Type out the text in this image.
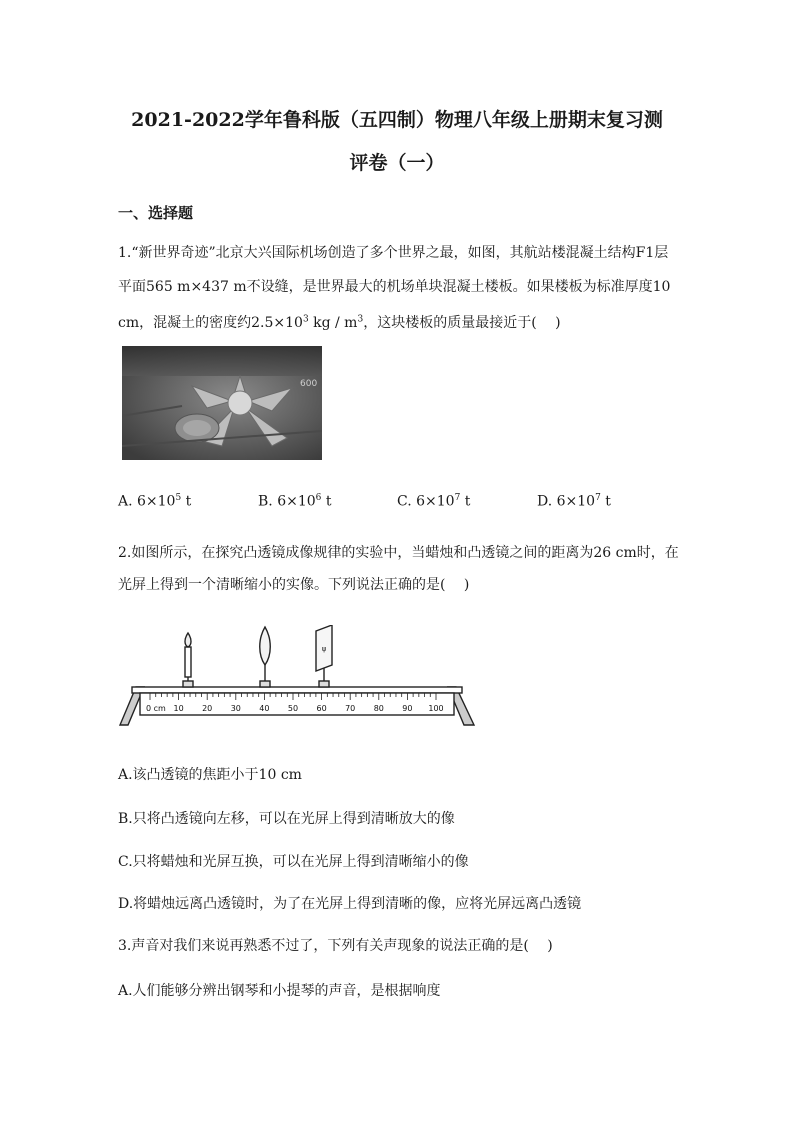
2021-2022学年鲁科版（五四制）物理八年级上册期末复习测
评卷（一）
一、选择题
1.“新世界奇迹”北京大兴国际机场创造了多个世界之最，如图，其航站楼混凝土结构F1层
平面565 m×437 m不设缝，是世界最大的机场单块混凝土楼板。如果楼板为标准厚度10
cm，混凝土的密度约$2.5\times 10^3$ kg / $m^3$，这块楼板的质量最接近于(　 )
600
A. $6\times 10^5$ t	B. $6\times 10^6$ t	C. $6\times 10^7$ t	D. $6\times 10^7$ t
2.如图所示，在探究凸透镜成像规律的实验中，当蜡烛和凸透镜之间的距离为26 cm时，在
光屏上得到一个清晰缩小的实像。下列说法正确的是(　 )
ψ
0 cm 10 20 30 40 50 60 70 80 90 100
A.该凸透镜的焦距小于10 cm
B.只将凸透镜向左移，可以在光屏上得到清晰放大的像
C.只将蜡烛和光屏互换，可以在光屏上得到清晰缩小的像
D.将蜡烛远离凸透镜时，为了在光屏上得到清晰的像，应将光屏远离凸透镜
3.声音对我们来说再熟悉不过了，下列有关声现象的说法正确的是(　 )
A.人们能够分辨出钢琴和小提琴的声音，是根据响度
